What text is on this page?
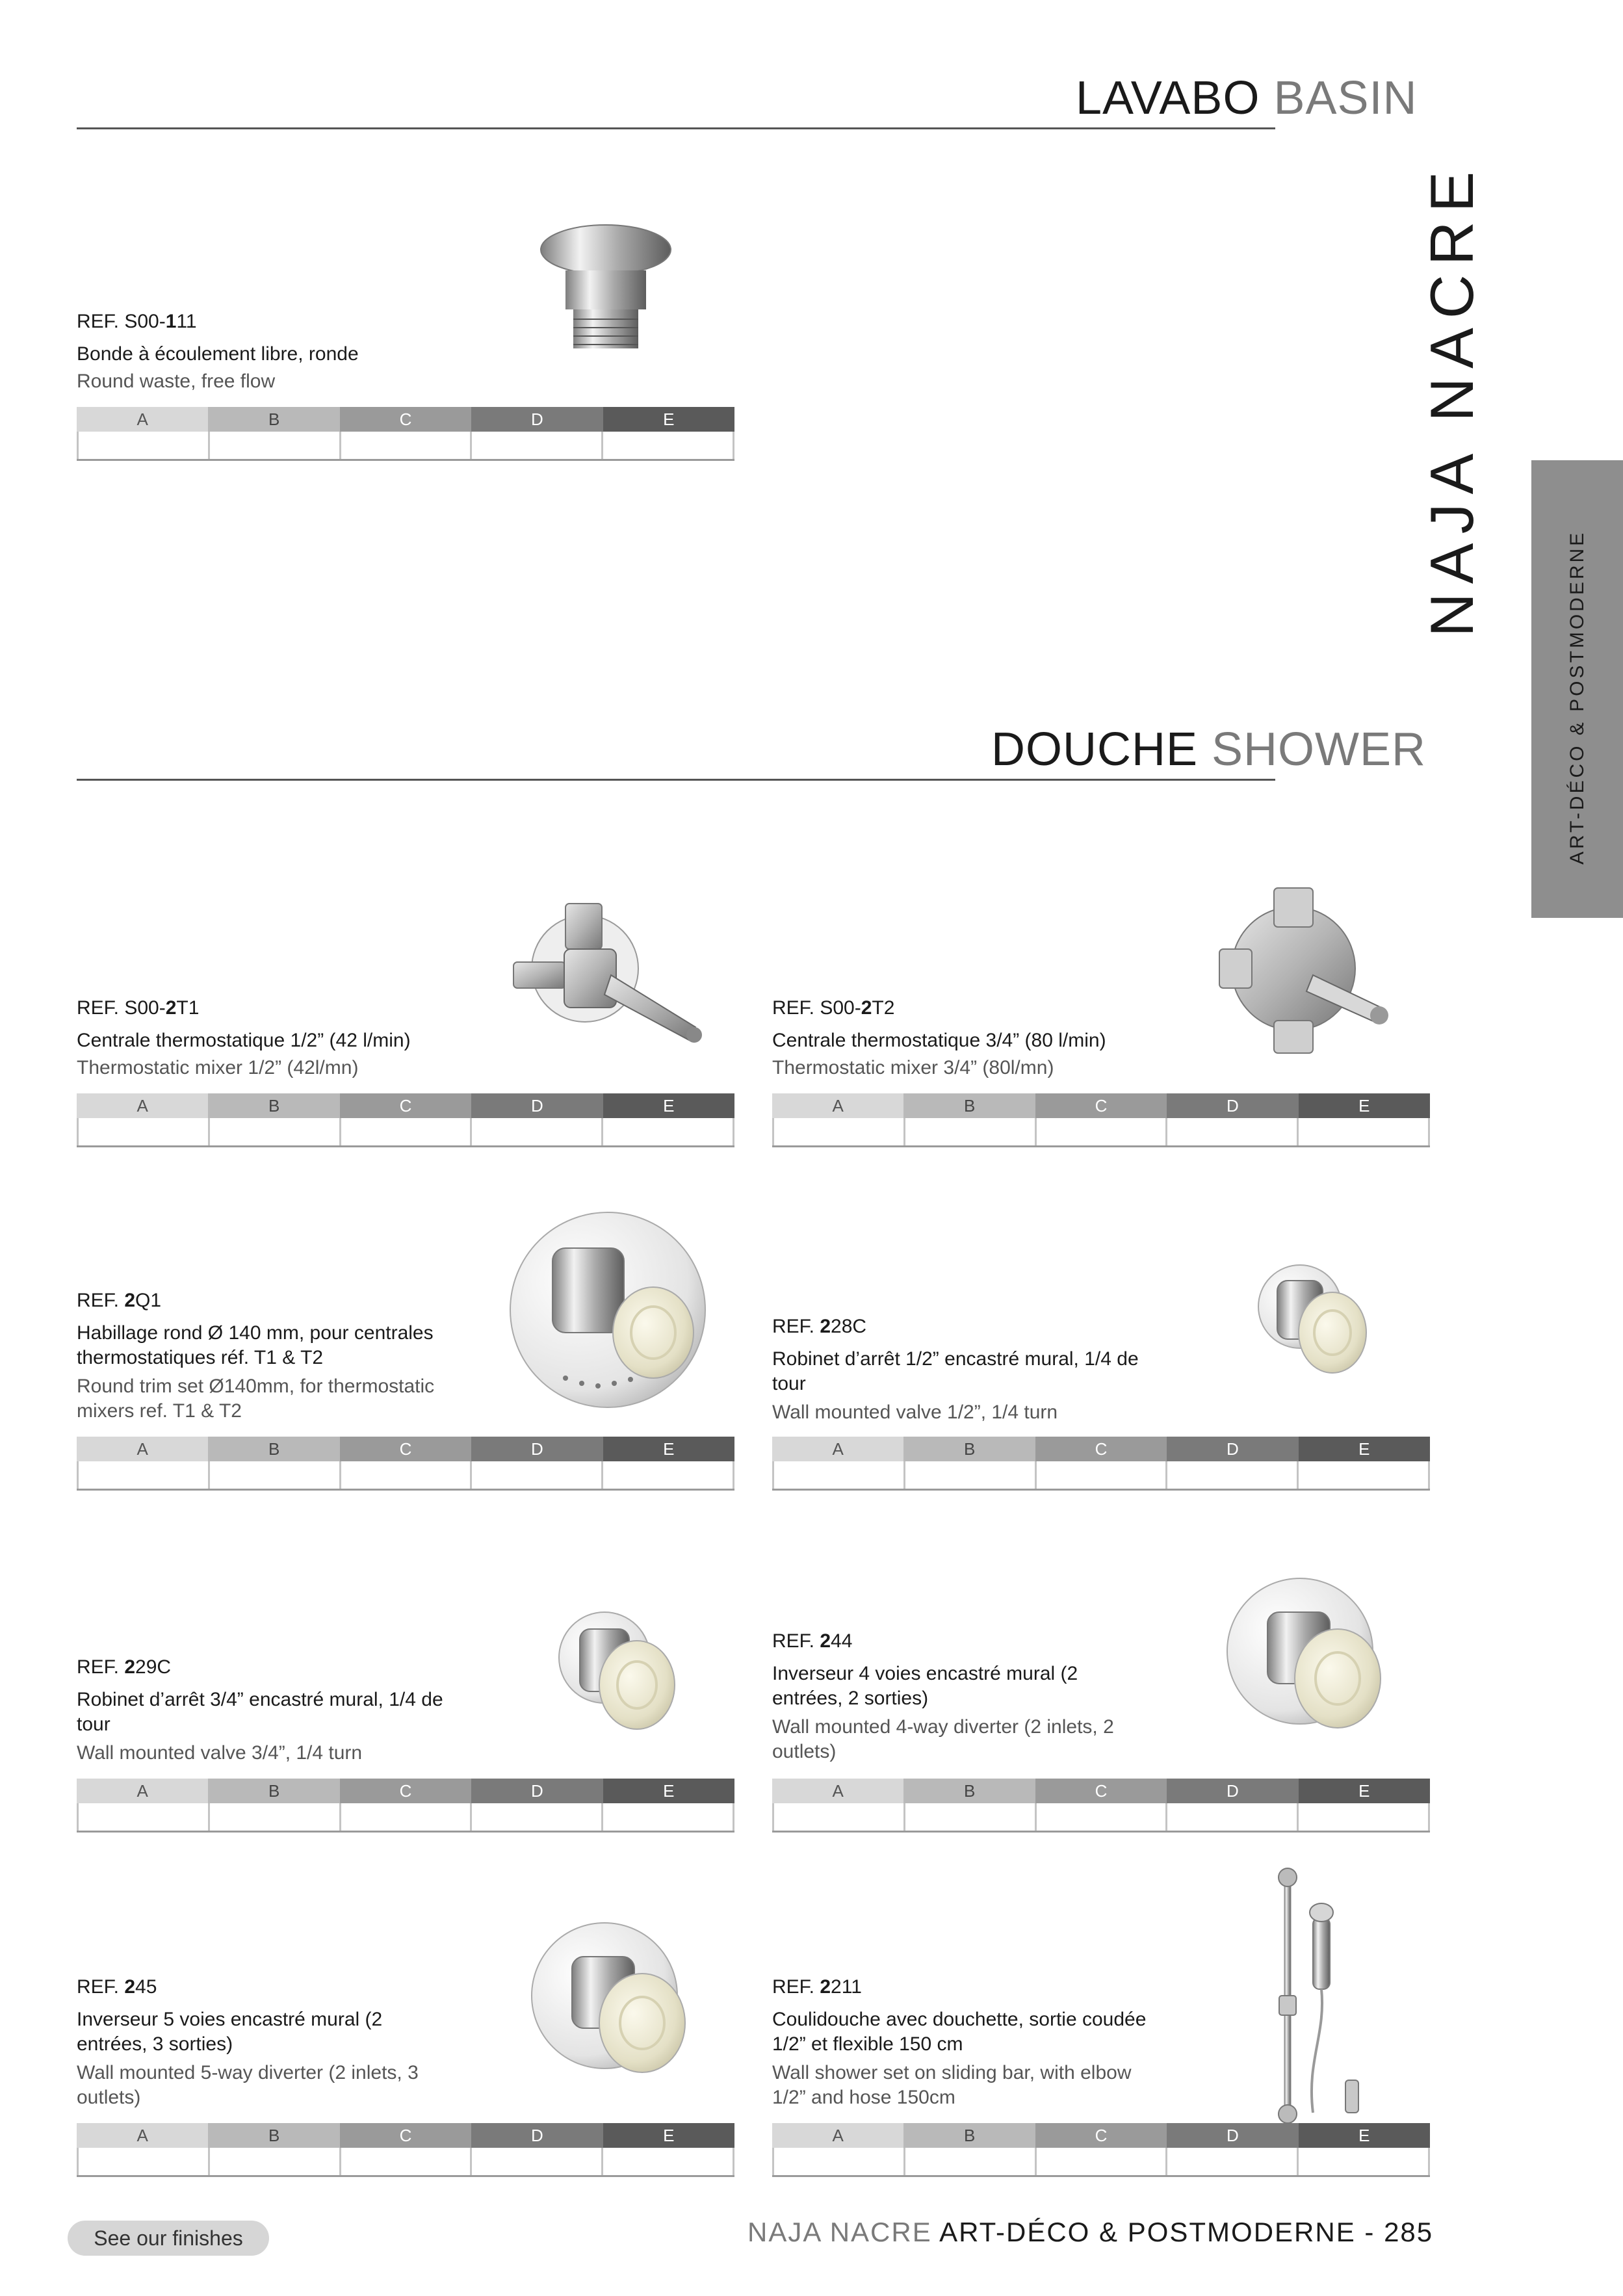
LAVABO BASIN
DOUCHE SHOWER
NAJA NACRE
ART-DÉCO & POSTMODERNE
REF. S00-111
Bonde à écoulement libre, ronde
Round waste, free flow
A	B	C	D	E
REF. S00-2T1
Centrale thermostatique 1/2” (42 l/min)
Thermostatic mixer 1/2” (42l/mn)
A	B	C	D	E
REF. S00-2T2
Centrale thermostatique 3/4” (80 l/min)
Thermostatic mixer 3/4” (80l/mn)
A	B	C	D	E
REF. 2Q1
Habillage rond Ø 140 mm, pour centrales thermostatiques réf. T1 & T2
Round trim set Ø140mm, for thermostatic mixers ref. T1 & T2
A	B	C	D	E
REF. 228C
Robinet d’arrêt 1/2” encastré mural, 1/4 de tour
Wall mounted valve 1/2”, 1/4 turn
A	B	C	D	E
REF. 229C
Robinet d’arrêt 3/4” encastré mural, 1/4 de tour
Wall mounted valve 3/4”, 1/4 turn
A	B	C	D	E
REF. 244
Inverseur 4 voies encastré mural (2 entrées, 2 sorties)
Wall mounted 4-way diverter (2 inlets, 2 outlets)
A	B	C	D	E
REF. 245
Inverseur 5 voies encastré mural (2 entrées, 3 sorties)
Wall mounted 5-way diverter (2 inlets, 3 outlets)
A	B	C	D	E
REF. 2211
Coulidouche avec douchette, sortie coudée 1/2” et flexible 150 cm
Wall shower set on sliding bar, with elbow 1/2” and hose 150cm
A	B	C	D	E
See our finishes	NAJA NACRE ART-DÉCO & POSTMODERNE - 285
